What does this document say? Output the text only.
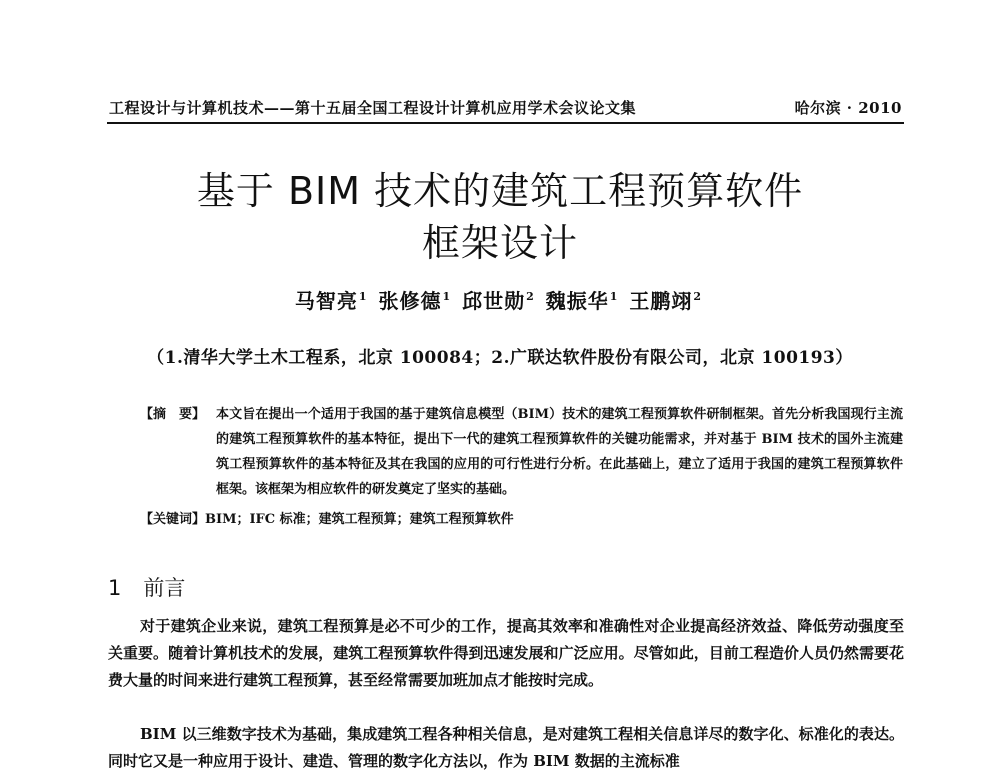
工程设计与计算机技术——第十五届全国工程设计计算机应用学术会议论文集	哈尔滨 · 2010
基于 BIM 技术的建筑工程预算软件
框架设计
马智亮$^1$ 张修德$^1$ 邱世勋$^2$ 魏振华$^1$ 王鹏翊$^2$
（1.清华大学土木工程系，北京 100084；2.广联达软件股份有限公司，北京 100193）
【摘　要】 本文旨在提出一个适用于我国的基于建筑信息模型（BIM）技术的建筑工程预算软件研制框架。首先分析我国现行主流的建筑工程预算软件的基本特征，提出下一代的建筑工程预算软件的关键功能需求，并对基于 BIM 技术的国外主流建筑工程预算软件的基本特征及其在我国的应用的可行性进行分析。在此基础上，建立了适用于我国的建筑工程预算软件框架。该框架为相应软件的研发奠定了坚实的基础。
【关键词】BIM；IFC 标准；建筑工程预算；建筑工程预算软件
1 前言
对于建筑企业来说，建筑工程预算是必不可少的工作，提高其效率和准确性对企业提高经济效益、降低劳动强度至关重要。随着计算机技术的发展，建筑工程预算软件得到迅速发展和广泛应用。尽管如此，目前工程造价人员仍然需要花费大量的时间来进行建筑工程预算，甚至经常需要加班加点才能按时完成。
BIM 以三维数字技术为基础，集成建筑工程各种相关信息，是对建筑工程相关信息详尽的数字化、标准化的表达。同时它又是一种应用于设计、建造、管理的数字化方法以，作为 BIM 数据的主流标准
